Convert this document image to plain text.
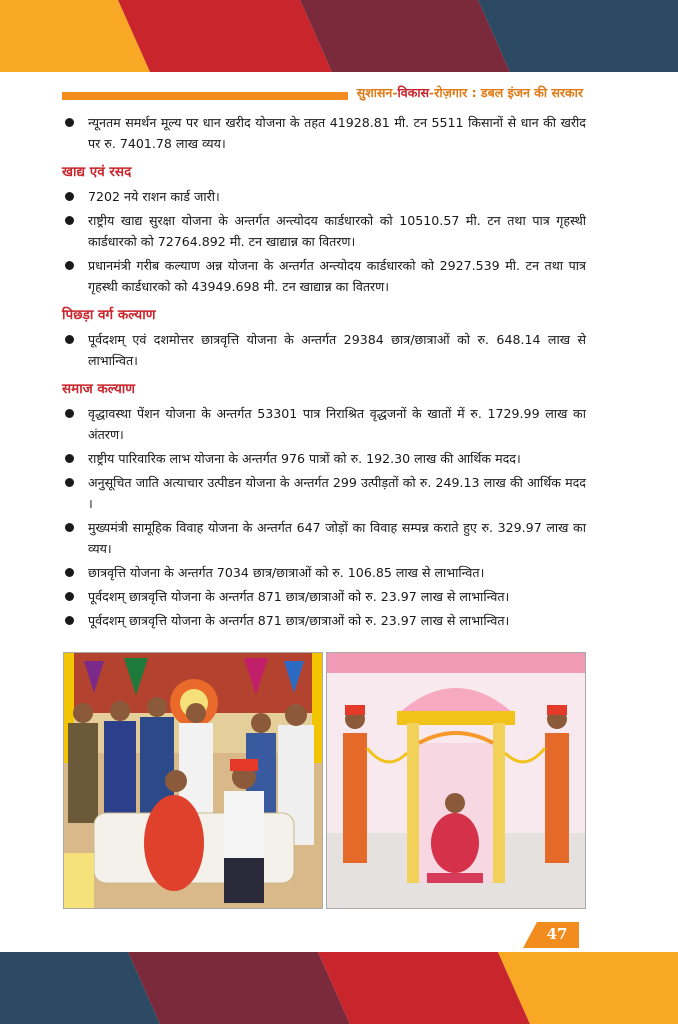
सुशासन-विकास-रोज़गार : डबल इंजन की सरकार
न्यूनतम समर्थन मूल्य पर धान खरीद योजना के तहत 41928.81 मी. टन 5511 किसानों से धान की खरीद पर रु. 7401.78 लाख व्यय।
खाद्य एवं रसद
7202 नये राशन कार्ड जारी।
राष्ट्रीय खाद्य सुरक्षा योजना के अन्तर्गत अन्त्योदय कार्डधारको को 10510.57 मी. टन तथा पात्र गृहस्थी कार्डधारको को 72764.892 मी. टन खाद्यान्न का वितरण।
प्रधानमंत्री गरीब कल्याण अन्न योजना के अन्तर्गत अन्त्योदय कार्डधारको को 2927.539 मी. टन तथा पात्र गृहस्थी कार्डधारको को 43949.698 मी. टन खाद्यान्न का वितरण।
पिछड़ा वर्ग कल्याण
पूर्वदशम् एवं दशमोत्तर छात्रवृत्ति योजना के अन्तर्गत 29384 छात्र/छात्राओं को रु. 648.14 लाख से लाभान्वित।
समाज कल्याण
वृद्धावस्था पेंशन योजना के अन्तर्गत 53301 पात्र निराश्रित वृद्धजनों के खातों में रु. 1729.99 लाख का अंतरण।
राष्ट्रीय पारिवारिक लाभ योजना के अन्तर्गत 976 पात्रों को रु. 192.30 लाख की आर्थिक मदद।
अनुसूचित जाति अत्याचार उत्पीडन योजना के अन्तर्गत 299 उत्पीड़तों को रु. 249.13 लाख की आर्थिक मदद ।
मुख्यमंत्री सामूहिक विवाह योजना के अन्तर्गत 647 जोड़ों का विवाह सम्पन्न कराते हुए रु. 329.97 लाख का व्यय।
छात्रवृत्ति योजना के अन्तर्गत 7034 छात्र/छात्राओं को रु. 106.85 लाख से लाभान्वित।
पूर्वदशम् छात्रवृत्ति योजना के अन्तर्गत 871 छात्र/छात्राओं को रु. 23.97 लाख से लाभान्वित।
पूर्वदशम् छात्रवृत्ति योजना के अन्तर्गत 871 छात्र/छात्राओं को रु. 23.97 लाख से लाभान्वित।
47
